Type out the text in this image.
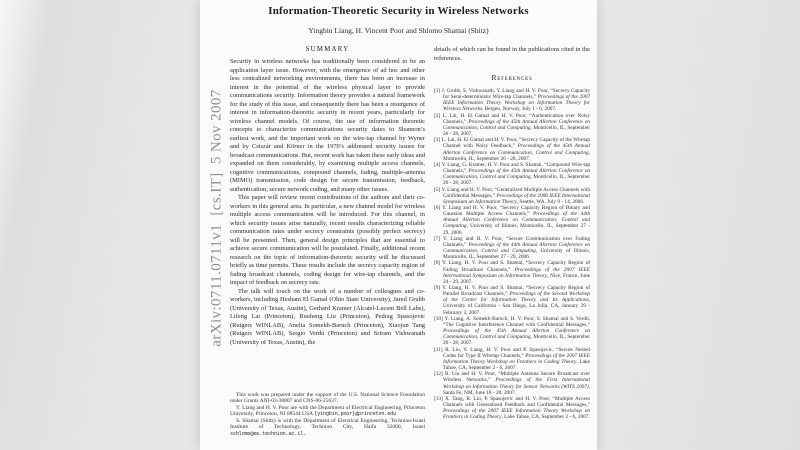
arXiv:0711.0711v1  [cs.IT]  5 Nov 2007
Information-Theoretic Security in Wireless Networks
Yingbin Liang, H. Vincent Poor and Shlomo Shamai (Shitz)
SUMMARY

Security in wireless networks has traditionally been considered to be an application layer issue. However, with the emergence of ad hoc and other less centralized networking environments, there has been an increase in interest in the potential of the wireless physical layer to provide communications security. Information theory provides a natural framework for the study of this issue, and consequently there has been a resurgence of interest in information-theoretic security in recent years, particularly for wireless channel models. Of course, the use of information theoretic concepts to characterize communications security dates to Shannon’s earliest work, and the important work on the wire-tap channel by Wyner and by Csiszár and Körner in the 1970’s addressed security issues for broadcast communications. But, recent work has taken these early ideas and expanded on them considerably, by examining multiple access channels, cognitive communications, compound channels, fading, multiple-antenna (MIMO) transmission, code design for secure transmission, feedback, authentication, secure network coding, and many other issues.

This paper will review recent contributions of the authors and their co-workers in this general area. In particular, a new channel model for wireless multiple access communication will be introduced. For this channel, in which security issues arise naturally, recent results characterizing reliable communication rates under secrecy constraints (possibly perfect secrecy) will be presented. Then, general design principles that are essential to achieve secure communication will be postulated. Finally, additional recent research on the topic of information-theoretic security will be discussed briefly as time permits. These results include the secrecy capacity region of fading broadcast channels, coding design for wire-tap channels, and the impact of feedback on secrecy rate.

The talk will touch on the work of a number of colleagues and co-workers, including Hesham El Gamal (Ohio State University), Jared Grubb (University of Texas, Austin), Gerhard Kramer (Alcatel-Lucent Bell Labs), Lifeng Lai (Princeton), Ruoheng Liu (Princeton), Pedrag Spasojevic (Rutgers WINLAB), Anelia Somekh-Baruch (Princeton), Xiaojun Tang (Rutgers WINLAB), Sergio Verdú (Princeton) and Sriram Vishwanath (University of Texas, Austin), the

This work was prepared under the support of the U.S. National Science Foundation under Grants ANI-03-38807 and CNS-06-25637.

Y. Liang and H. V. Poor are with the Department of Electrical Engineering, Princeton University, Princeton, NJ 08544 USA {yingbin,poor}@princeton.edu

S. Shamai (Shitz) is with the Department of Electrical Engineering, Technion-Israel Institute of Technology, Technion City, Haifa 32000, Israel sshlomo@ee.technion.ac.il.

details of which can be found in the publications cited in the references.

References

[1] J. Grubb, S. Vishwanath, Y. Liang and H. V. Poor, “Secrecy Capacity for Semi-deterministic Wire-tap Channels,” Proceedings of the 2007 IEEE Information Theory Workshop on Information Theory for Wireless Networks, Bergen, Norway, July 1 - 6, 2007.

[2] L. Lai, H. El Gamal and H. V. Poor, “Authentication over Noisy Channels,” Proceedings of the 45th Annual Allerton Conference on Communication, Control and Computing, Monticello, IL, September 26 - 28, 2007.

[3] L. Lai, H. El Gamal and H. V. Poor, “Secrecy Capacity of the Wiretap Channel with Noisy Feedback,” Proceedings of the 45th Annual Allerton Conference on Communication, Control and Computing, Monticello, IL, September 26 - 28, 2007.

[4] Y. Liang, G. Kramer, H. V. Poor and S. Shamai, “Compound Wire-tap Channels,” Proceedings of the 45th Annual Allerton Conference on Communication, Control and Computing, Monticello, IL, September 26 - 28, 2007.

[5] Y. Liang and H. V. Poor, “Generalized Multiple Access Channels with Confidential Messages,” Proceedings of the 2006 IEEE International Symposium on Information Theory, Seattle, WA, July 9 - 14, 2006.

[6] Y. Liang and H. V. Poor, “Secrecy Capacity Region of Binary and Gaussian Multiple Access Channels,” Proceedings of the 44th Annual Allerton Conference on Communication, Control and Computing, University of Illinois, Monticello, IL, September 27 - 29, 2006.

[7] Y. Liang and H. V. Poor, “Secure Communication over Fading Channels,” Proceedings of the 44th Annual Allerton Conference on Communication, Control and Computing, University of Illinois, Monticello, IL, September 27 - 29, 2006.

[8] Y. Liang, H. V. Poor and S. Shamai, “Secrecy Capacity Region of Fading Broadcast Channels,” Proceedings of the 2007 IEEE International Symposium on Information Theory, Nice, France, June 24 - 29, 2007.

[9] Y. Liang, H. V. Poor and S. Shamai, “Secrecy Capacity Region of Parallel Broadcast Channels,” Proceedings of the Second Workshop of the Center for Information Theory and Its Applications, University of California - San Diego, La Jolla, CA, January 29 - February 2, 2007.

[10] Y. Liang, A. Somekh-Baruch, H. V. Poor, S. Shamai and S. Verdú, “The Cognitive Interference Channel with Confidential Messages,” Proceedings of the 45th Annual Allerton Conference on Communication, Control and Computing, Monticello, IL, September 26 - 28, 2007.

[11] R. Liu, Y. Liang, H. V. Poor and P. Spasojevic, “Secure Nested Codes for Type II Wiretap Channels,” Proceedings of the 2007 IEEE Information Theory Workshop on Frontiers in Coding Theory, Lake Tahoe, CA, September 2 - 6, 2007.

[12] R. Liu and H. V. Poor, “Multiple Antenna Secure Broadcast over Wireless Networks,” Proceedings of the First International Workshop on Information Theory for Sensor Networks (WITS 2007), Santa Fe, NM, June 18 - 20, 2007.

[13] X. Tang, R. Liu, P. Spasojevic and H. V. Poor, “Multiple Access Channels with Generalized Feedback and Confidential Messages,” Proceedings of the 2007 IEEE Information Theory Workshop on Frontiers in Coding Theory, Lake Tahoe, CA, September 2 - 6, 2007.
